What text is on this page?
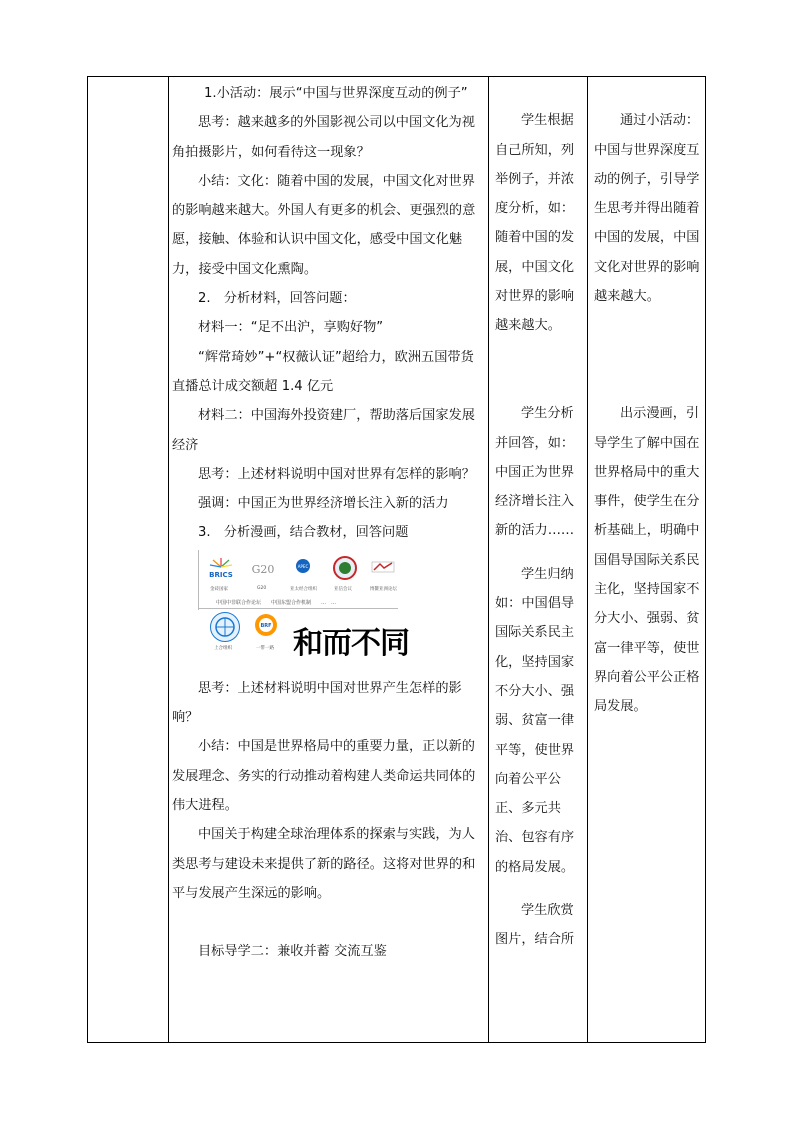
1.小活动：展示“中国与世界深度互动的例子”

思考：越来越多的外国影视公司以中国文化为视角拍摄影片，如何看待这一现象？

小结：文化：随着中国的发展，中国文化对世界的影响越来越大。外国人有更多的机会、更强烈的意愿，接触、体验和认识中国文化，感受中国文化魅力，接受中国文化熏陶。

2.　分析材料，回答问题：

材料一：“足不出沪，享购好物”

“辉常琦妙”+“权薇认证”超给力，欧洲五国带货直播总计成交额超 1.4 亿元

材料二：中国海外投资建厂，帮助落后国家发展经济

思考：上述材料说明中国对世界有怎样的影响？

强调：中国正为世界经济增长注入新的活力

3.　分析漫画，结合教材，回答问题

BRICS
金砖国家
G20
G20
APEC
亚太经合组织	亚信会议	博鳌亚洲论坛
中国中非联合作论坛　　中国东盟合作机制　　…　…
上合组织
BRF
一带一路 和而不同

思考：上述材料说明中国对世界产生怎样的影响？

小结：中国是世界格局中的重要力量，正以新的发展理念、务实的行动推动着构建人类命运共同体的伟大进程。

中国关于构建全球治理体系的探索与实践，为人类思考与建设未来提供了新的路径。这将对世界的和平与发展产生深远的影响。

目标导学二：兼收并蓄 交流互鉴

学生根据自己所知，列举例子，并浓度分析，如：随着中国的发展，中国文化对世界的影响越来越大。

学生分析并回答，如：中国正为世界经济增长注入新的活力……

学生归纳如：中国倡导国际关系民主化，坚持国家不分大小、强弱、贫富一律平等，使世界向着公平公正、多元共治、包容有序的格局发展。

学生欣赏图片，结合所

通过小活动：中国与世界深度互动的例子，引导学生思考并得出随着中国的发展，中国文化对世界的影响越来越大。

出示漫画，引导学生了解中国在世界格局中的重大事件，使学生在分析基础上，明确中国倡导国际关系民主化，坚持国家不分大小、强弱、贫富一律平等，使世界向着公平公正格局发展。
